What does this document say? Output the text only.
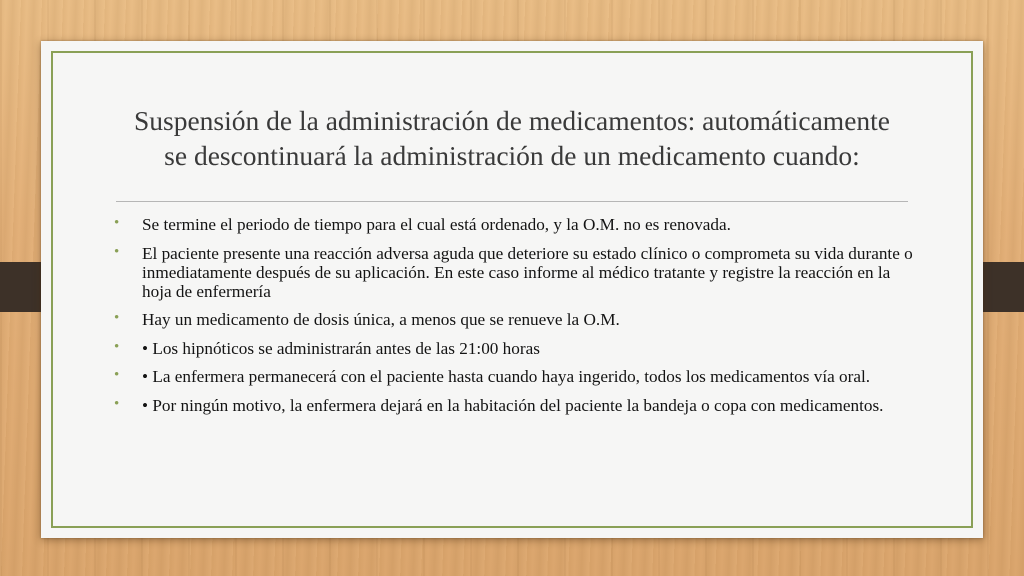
Suspensión de la administración de medicamentos: automáticamente
se descontinuará la administración de un medicamento cuando:
• Se termine el periodo de tiempo para el cual está ordenado, y la O.M. no es renovada.
• El paciente presente una reacción adversa aguda que deteriore su estado clínico o comprometa su vida durante o inmediatamente después de su aplicación. En este caso informe al médico tratante y registre la reacción en la hoja de enfermería
• Hay un medicamento de dosis única, a menos que se renueve la O.M.
• • Los hipnóticos se administrarán antes de las 21:00 horas
• • La enfermera permanecerá con el paciente hasta cuando haya ingerido, todos los medicamentos vía oral.
• • Por ningún motivo, la enfermera dejará en la habitación del paciente la bandeja o copa con medicamentos.
